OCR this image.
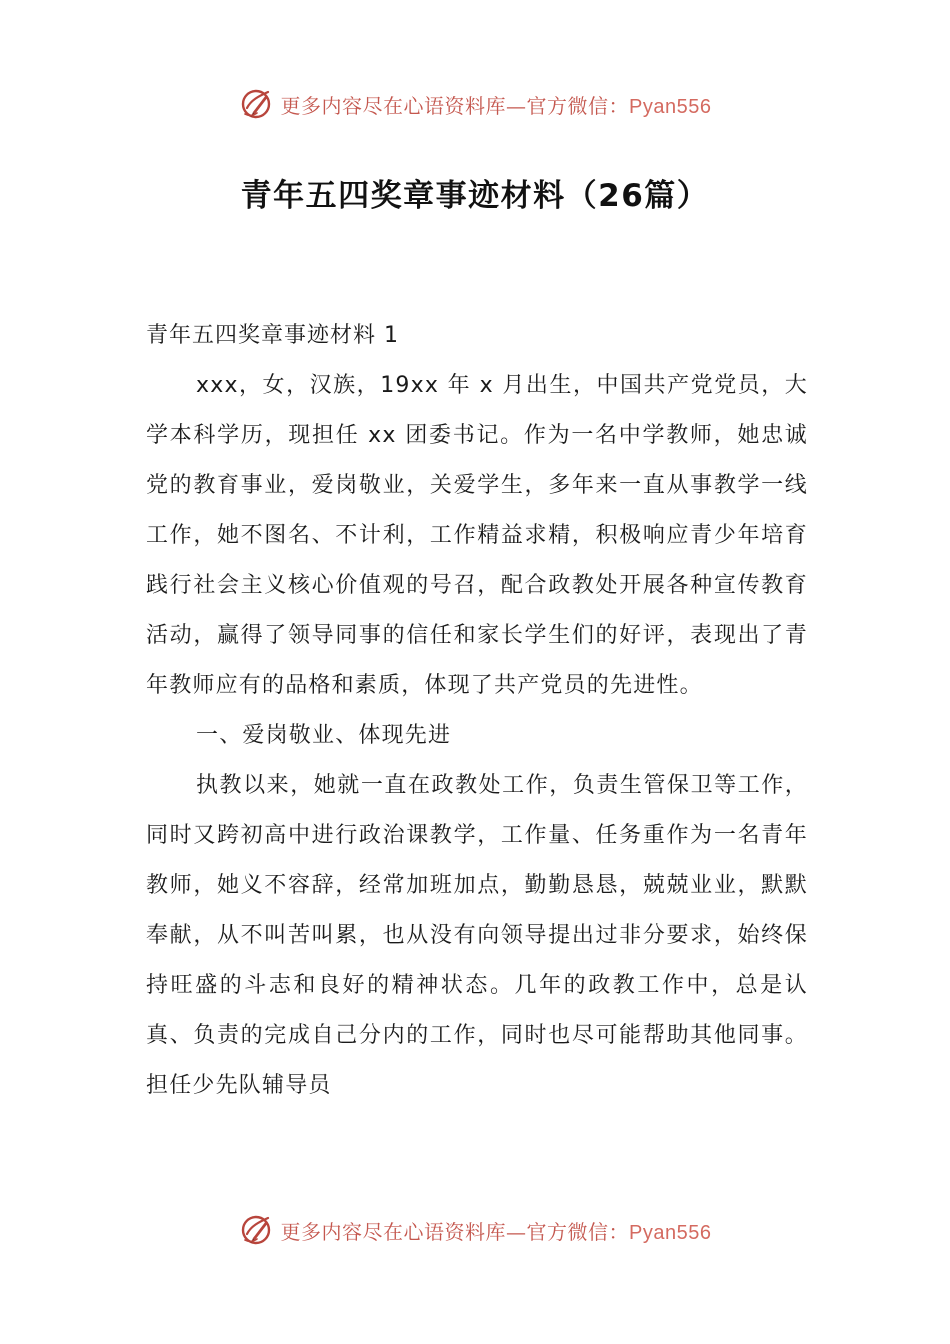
更多内容尽在心语资料库—官方微信：Pyan556
青年五四奖章事迹材料（26篇）

青年五四奖章事迹材料 1

xxx，女，汉族，19xx 年 x 月出生，中国共产党党员，大学本科学历，现担任 xx 团委书记。作为一名中学教师，她忠诚党的教育事业，爱岗敬业，关爱学生，多年来一直从事教学一线工作，她不图名、不计利，工作精益求精，积极响应青少年培育践行社会主义核心价值观的号召，配合政教处开展各种宣传教育活动，赢得了领导同事的信任和家长学生们的好评，表现出了青年教师应有的品格和素质，体现了共产党员的先进性。

一、爱岗敬业、体现先进

执教以来，她就一直在政教处工作，负责生管保卫等工作，同时又跨初高中进行政治课教学，工作量、任务重作为一名青年教师，她义不容辞，经常加班加点，勤勤恳恳，兢兢业业，默默奉献，从不叫苦叫累，也从没有向领导提出过非分要求，始终保持旺盛的斗志和良好的精神状态。几年的政教工作中，总是认真、负责的完成自己分内的工作，同时也尽可能帮助其他同事。担任少先队辅导员

更多内容尽在心语资料库—官方微信：Pyan556
